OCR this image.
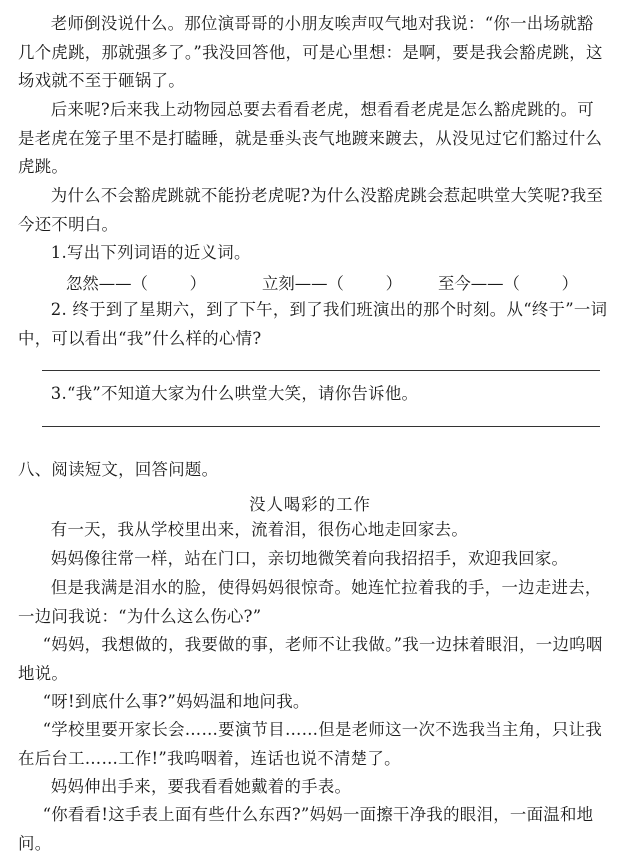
老师倒没说什么。那位演哥哥的小朋友唉声叹气地对我说：“你一出场就豁几个虎跳，那就强多了。”我没回答他，可是心里想：是啊，要是我会豁虎跳，这场戏就不至于砸锅了。

后来呢?后来我上动物园总要去看看老虎，想看看老虎是怎么豁虎跳的。可是老虎在笼子里不是打瞌睡，就是垂头丧气地踱来踱去，从没见过它们豁过什么虎跳。

为什么不会豁虎跳就不能扮老虎呢?为什么没豁虎跳会惹起哄堂大笑呢?我至今还不明白。

1.写出下列词语的近义词。

忽然——（        ）	立刻——（        ） 至今——（        ）

2. 终于到了星期六，到了下午，到了我们班演出的那个时刻。从“终于”一词中，可以看出“我”什么样的心情?

3.“我”不知道大家为什么哄堂大笑，请你告诉他。

八、阅读短文，回答问题。

没人喝彩的工作

有一天，我从学校里出来，流着泪，很伤心地走回家去。

妈妈像往常一样，站在门口，亲切地微笑着向我招招手，欢迎我回家。

但是我满是泪水的脸，使得妈妈很惊奇。她连忙拉着我的手，一边走进去，一边问我说：“为什么这么伤心?”

“妈妈，我想做的，我要做的事，老师不让我做。”我一边抹着眼泪，一边呜咽地说。

“呀!到底什么事?”妈妈温和地问我。

“学校里要开家长会……要演节目……但是老师这一次不选我当主角，只让我在后台工……工作!”我呜咽着，连话也说不清楚了。

妈妈伸出手来，要我看看她戴着的手表。

“你看看!这手表上面有些什么东西?”妈妈一面擦干净我的眼泪，一面温和地问。
